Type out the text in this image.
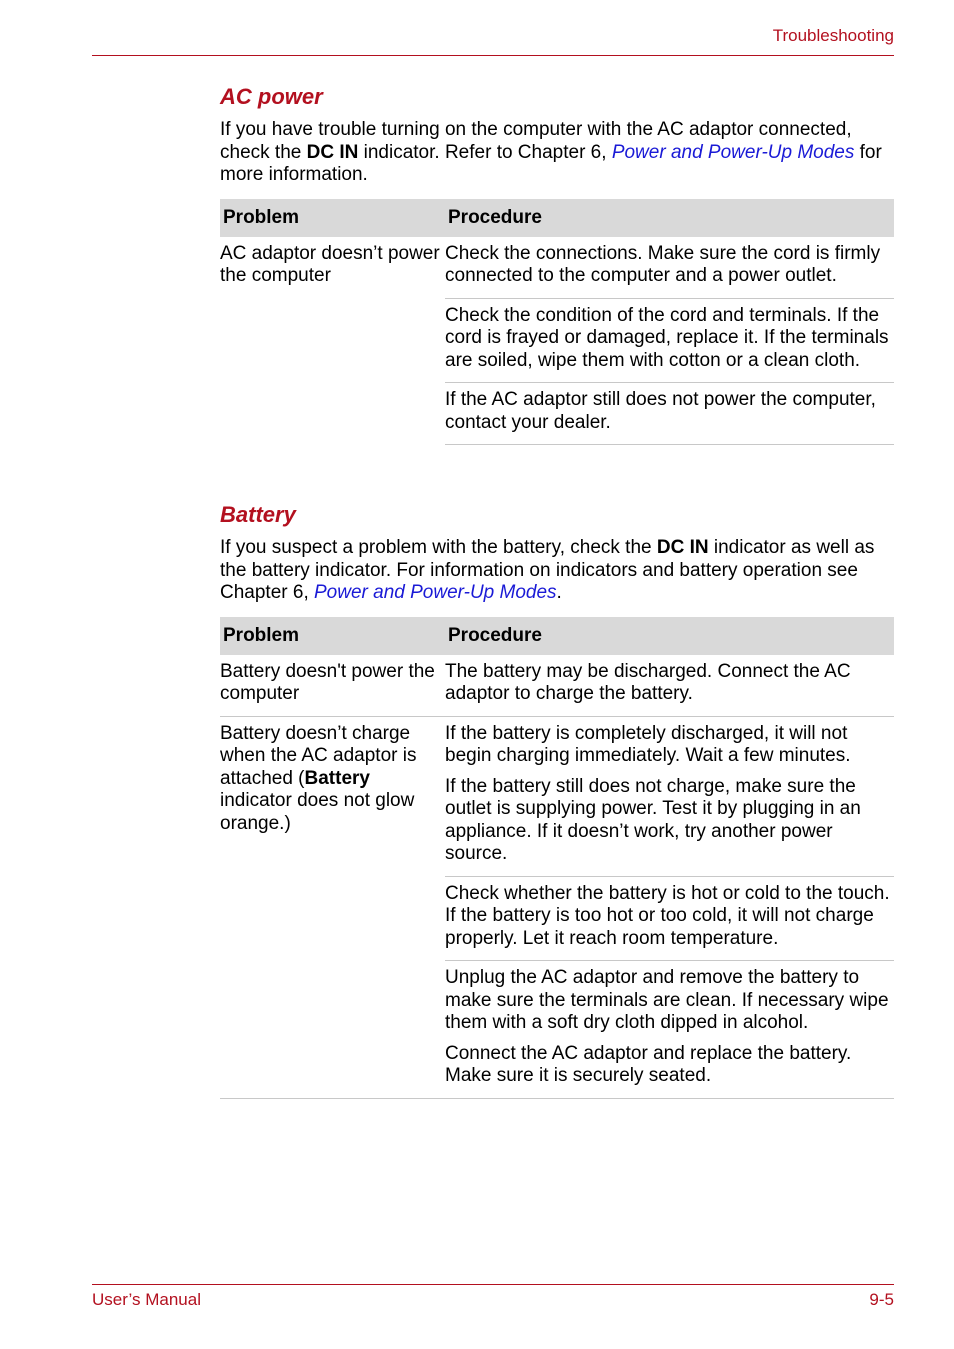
Troubleshooting
AC power

If you have trouble turning on the computer with the AC adaptor connected, check the DC IN indicator. Refer to Chapter 6, Power and Power-Up Modes for more information.

Problem	Procedure

AC adaptor doesn’t power the computer	Check the connections. Make sure the cord is firmly connected to the computer and a power outlet.
Check the condition of the cord and terminals. If the cord is frayed or damaged, replace it. If the terminals are soiled, wipe them with cotton or a clean cloth.
If the AC adaptor still does not power the computer, contact your dealer.
Battery

If you suspect a problem with the battery, check the DC IN indicator as well as the battery indicator. For information on indicators and battery operation see Chapter 6, Power and Power-Up Modes.

Problem	Procedure

Battery doesn't power the computer	The battery may be discharged. Connect the AC adaptor to charge the battery.

Battery doesn’t charge when the AC adaptor is attached (Battery indicator does not glow orange.)	If the battery is completely discharged, it will not begin charging immediately. Wait a few minutes.
If the battery still does not charge, make sure the outlet is supplying power. Test it by plugging in an appliance. If it doesn’t work, try another power source.
Check whether the battery is hot or cold to the touch. If the battery is too hot or too cold, it will not charge properly. Let it reach room temperature.
Unplug the AC adaptor and remove the battery to make sure the terminals are clean. If necessary wipe them with a soft dry cloth dipped in alcohol.
Connect the AC adaptor and replace the battery. Make sure it is securely seated.
User’s Manual	9-5
